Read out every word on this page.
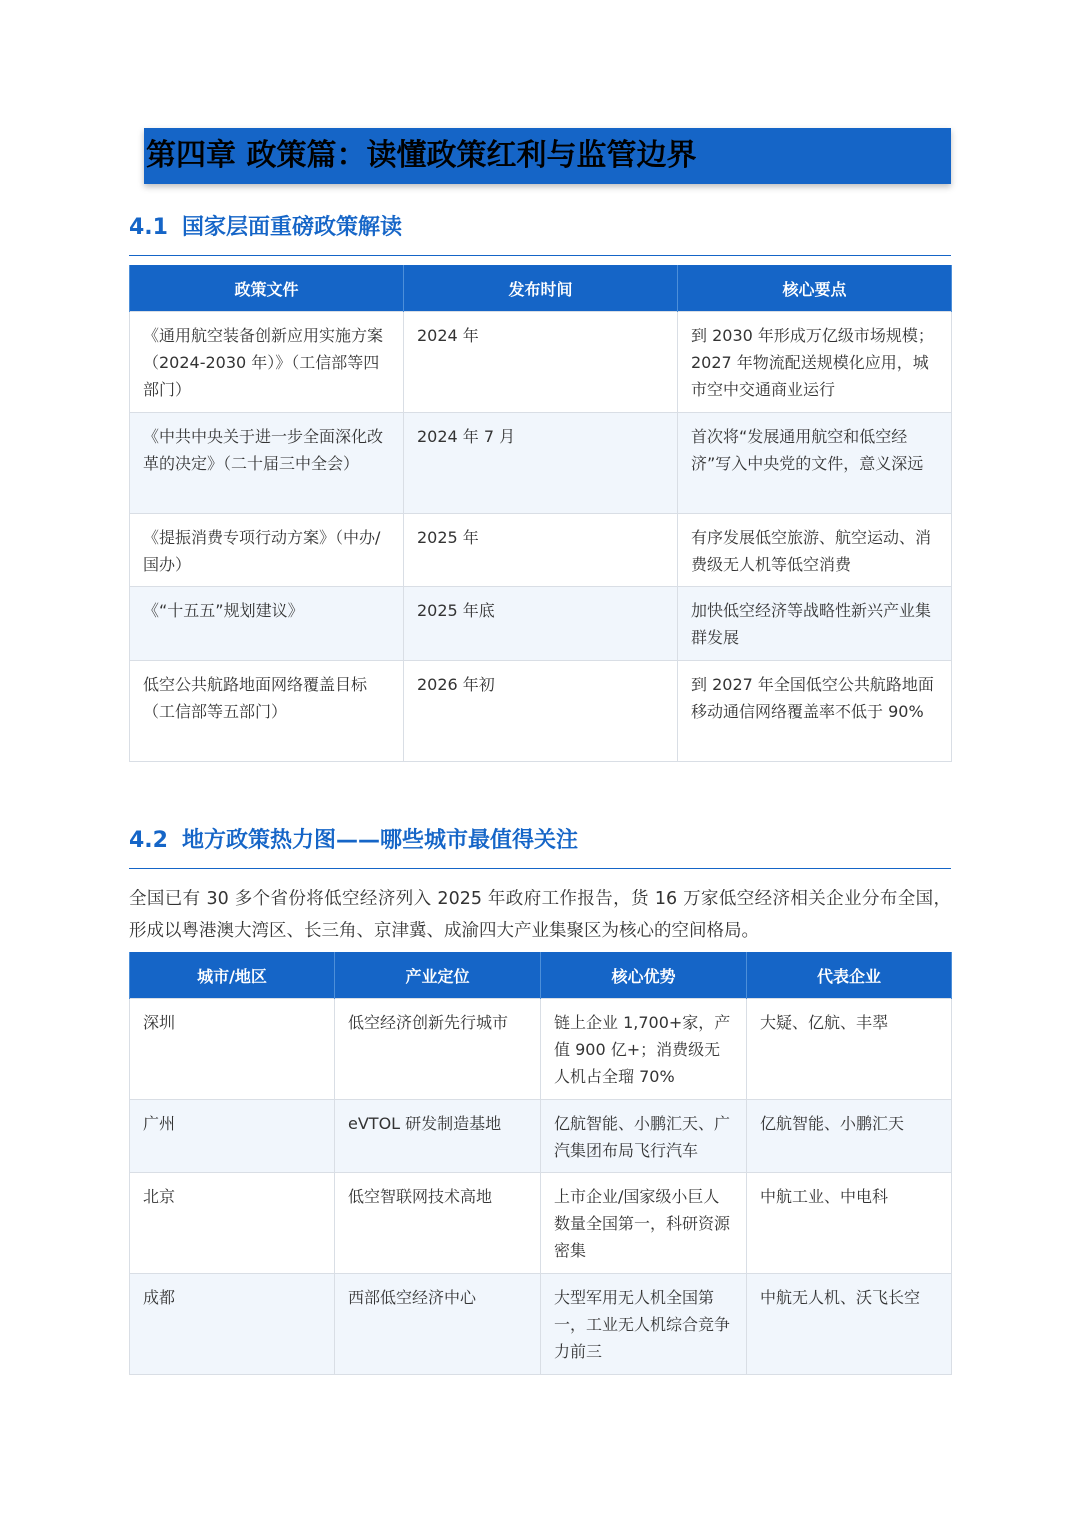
第四章 政策篇：读懂政策红利与监管边界
4.1 国家层面重磅政策解读
政策文件	发布时间	核心要点
《通用航空装备创新应用实施方案（2024-2030 年）》（工信部等四部门）	2024 年	到 2030 年形成万亿级市场规模；2027 年物流配送规模化应用，城市空中交通商业运行
《中共中央关于进一步全面深化改革的决定》（二十届三中全会）	2024 年 7 月	首次将“发展通用航空和低空经济”写入中央党的文件，意义深远
《提振消费专项行动方案》（中办/国办）	2025 年	有序发展低空旅游、航空运动、消费级无人机等低空消费
《“十五五”规划建议》	2025 年底	加快低空经济等战略性新兴产业集群发展
低空公共航路地面网络覆盖目标（工信部等五部门）	2026 年初	到 2027 年全国低空公共航路地面移动通信网络覆盖率不低于 90%
4.2 地方政策热力图——哪些城市最值得关注

全国已有 30 多个省份将低空经济列入 2025 年政府工作报告，货 16 万家低空经济相关企业分布全国，形成以粤港澳大湾区、长三角、京津冀、成渝四大产业集聚区为核心的空间格局。

城市/地区	产业定位	核心优势	代表企业
深圳	低空经济创新先行城市	链上企业 1,700+家，产值 900 亿+；消费级无人机占全瑠 70%	大疑、亿航、丰翆
广州	eVTOL 研发制造基地	亿航智能、小鹏汇天、广汽集团布局飞行汽车	亿航智能、小鹏汇天
北京	低空智联网技术高地	上市企业/国家级小巨人数量全国第一，科研资源密集	中航工业、中电科
成都	西部低空经济中心	大型军用无人机全国第一，工业无人机综合竞争力前三	中航无人机、沃飞长空
